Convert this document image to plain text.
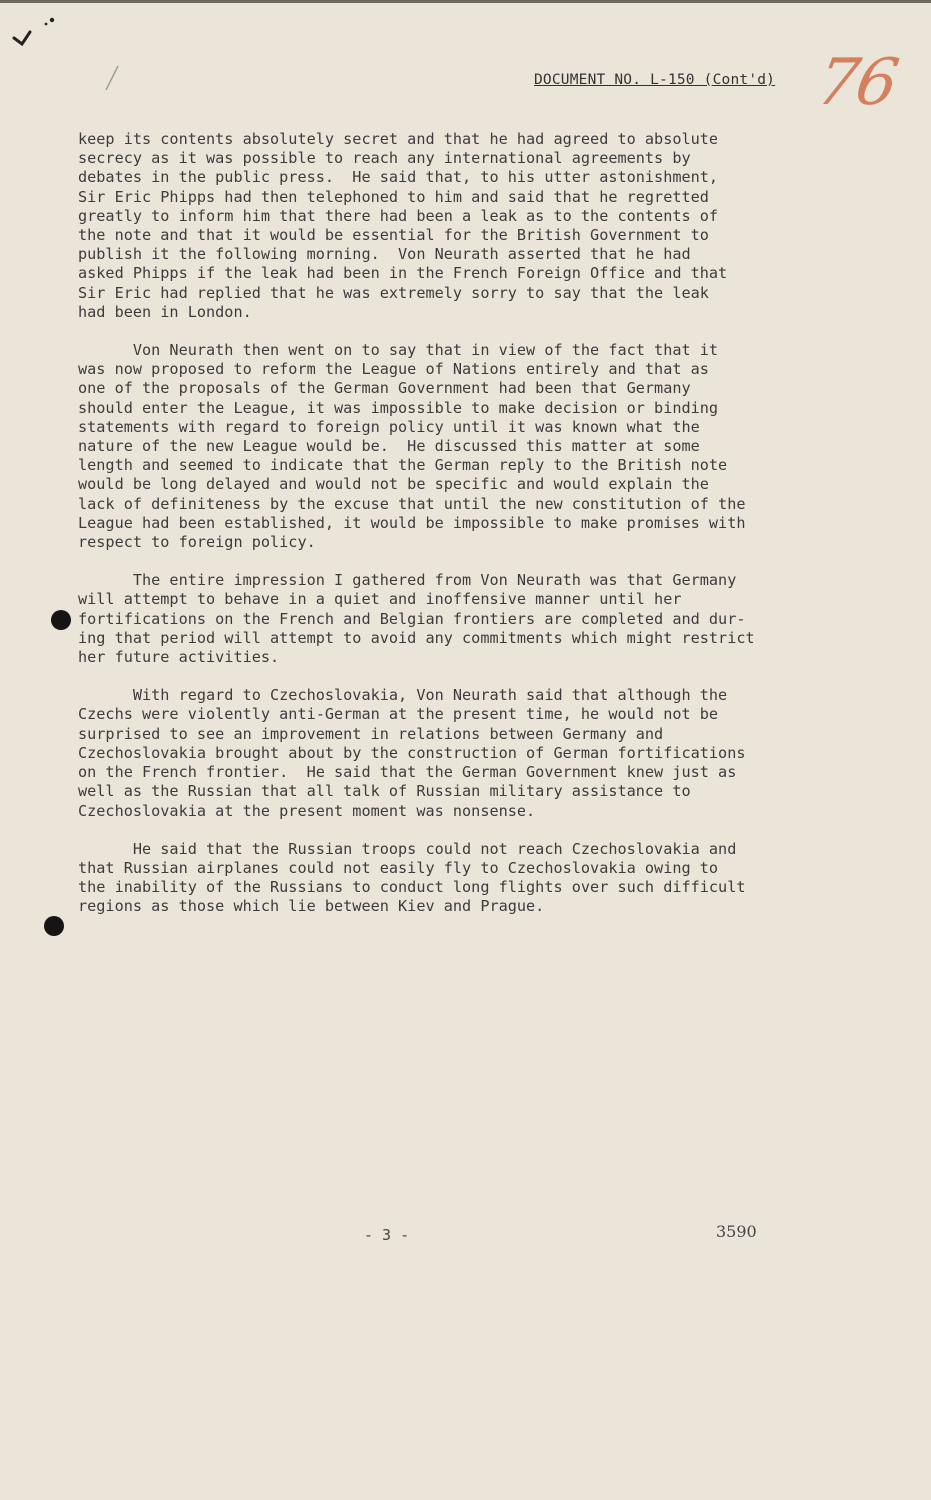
DOCUMENT NO. L-150 (Cont'd) 76
keep its contents absolutely secret and that he had agreed to absolute
secrecy as it was possible to reach any international agreements by
debates in the public press.  He said that, to his utter astonishment,
Sir Eric Phipps had then telephoned to him and said that he regretted
greatly to inform him that there had been a leak as to the contents of
the note and that it would be essential for the British Government to
publish it the following morning.  Von Neurath asserted that he had
asked Phipps if the leak had been in the French Foreign Office and that
Sir Eric had replied that he was extremely sorry to say that the leak
had been in London.
Von Neurath then went on to say that in view of the fact that it
was now proposed to reform the League of Nations entirely and that as
one of the proposals of the German Government had been that Germany
should enter the League, it was impossible to make decision or binding
statements with regard to foreign policy until it was known what the
nature of the new League would be.  He discussed this matter at some
length and seemed to indicate that the German reply to the British note
would be long delayed and would not be specific and would explain the
lack of definiteness by the excuse that until the new constitution of the
League had been established, it would be impossible to make promises with
respect to foreign policy.
The entire impression I gathered from Von Neurath was that Germany
will attempt to behave in a quiet and inoffensive manner until her
fortifications on the French and Belgian frontiers are completed and dur-
ing that period will attempt to avoid any commitments which might restrict
her future activities.
With regard to Czechoslovakia, Von Neurath said that although the
Czechs were violently anti-German at the present time, he would not be
surprised to see an improvement in relations between Germany and
Czechoslovakia brought about by the construction of German fortifications
on the French frontier.  He said that the German Government knew just as
well as the Russian that all talk of Russian military assistance to
Czechoslovakia at the present moment was nonsense.
He said that the Russian troops could not reach Czechoslovakia and
that Russian airplanes could not easily fly to Czechoslovakia owing to
the inability of the Russians to conduct long flights over such difficult
regions as those which lie between Kiev and Prague.
- 3 -	3590
